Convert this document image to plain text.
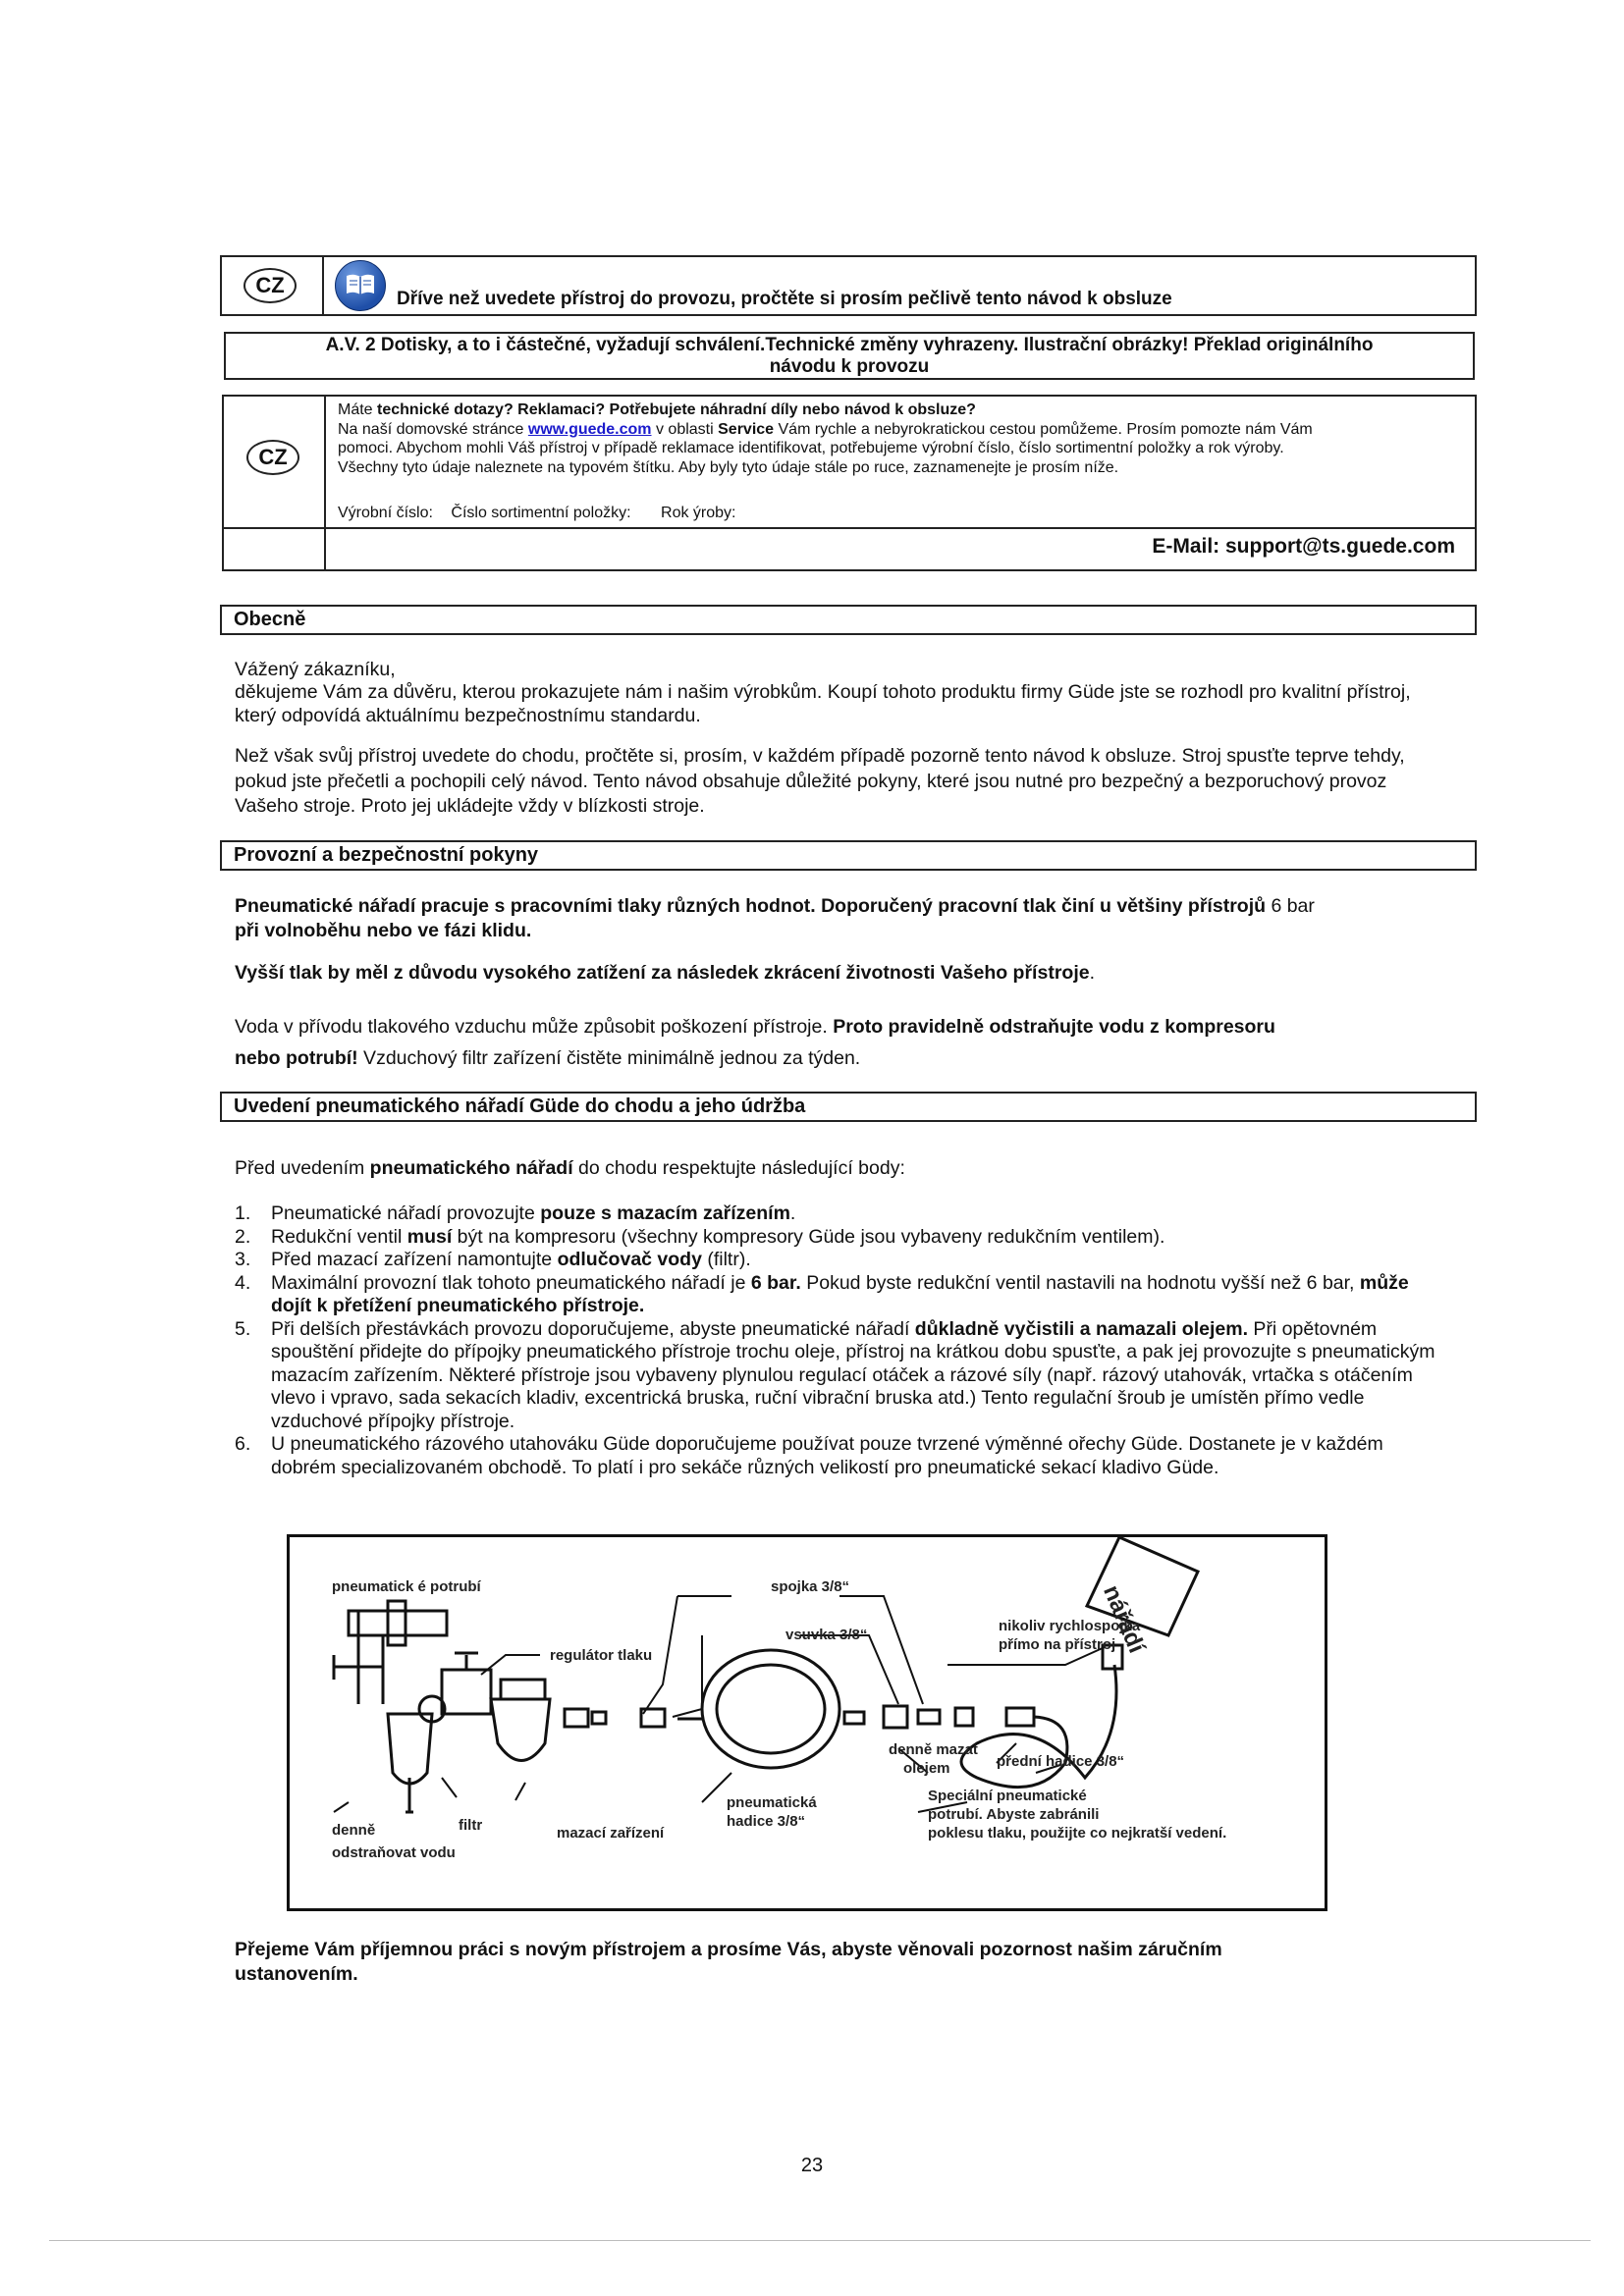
CZ
Dříve než uvedete přístroj do provozu, pročtěte si prosím pečlivě tento návod k obsluze
A.V. 2 Dotisky, a to i částečné, vyžadují schválení.Technické změny vyhrazeny. Ilustrační obrázky! Překlad originálního
návodu k provozu
CZ
Máte technické dotazy? Reklamaci? Potřebujete náhradní díly nebo návod k obsluze?
Na naší domovské stránce www.guede.com v oblasti Service Vám rychle a nebyrokratickou cestou pomůžeme. Prosím pomozte nám Vám
pomoci. Abychom mohli Váš přístroj v případě reklamace identifikovat, potřebujeme výrobní číslo, číslo sortimentní položky a rok výroby.
Všechny tyto údaje naleznete na typovém štítku. Aby byly tyto údaje stále po ruce, zaznamenejte je prosím níže.
Výrobní číslo: Číslo sortimentní položky: Rok ýroby:
E-Mail: support@ts.guede.com
Obecně
Vážený zákazníku,
děkujeme Vám za důvěru, kterou prokazujete nám i našim výrobkům. Koupí tohoto produktu firmy Güde jste se rozhodl pro kvalitní přístroj, který odpovídá aktuálnímu bezpečnostnímu standardu.
Než však svůj přístroj uvedete do chodu, pročtěte si, prosím, v každém případě pozorně tento návod k obsluze. Stroj spusťte teprve tehdy, pokud jste přečetli a pochopili celý návod. Tento návod obsahuje důležité pokyny, které jsou nutné pro bezpečný a bezporuchový provoz Vašeho stroje. Proto jej ukládejte vždy v blízkosti stroje.
Provozní a bezpečnostní pokyny
Pneumatické nářadí pracuje s pracovními tlaky různých hodnot. Doporučený pracovní tlak činí u většiny přístrojů 6 bar
při volnoběhu nebo ve fázi klidu.
Vyšší tlak by měl z důvodu vysokého zatížení za následek zkrácení životnosti Vašeho přístroje.
Voda v přívodu tlakového vzduchu může způsobit poškození přístroje. Proto pravidelně odstraňujte vodu z kompresoru
nebo potrubí! Vzduchový filtr zařízení čistěte minimálně jednou za týden.
Uvedení pneumatického nářadí Güde do chodu a jeho údržba
Před uvedením pneumatického nářadí do chodu respektujte následující body:
1. Pneumatické nářadí provozujte pouze s mazacím zařízením.
2. Redukční ventil musí být na kompresoru (všechny kompresory Güde jsou vybaveny redukčním ventilem).
3. Před mazací zařízení namontujte odlučovač vody (filtr).
4. Maximální provozní tlak tohoto pneumatického nářadí je 6 bar. Pokud byste redukční ventil nastavili na hodnotu vyšší než 6 bar, může dojít k přetížení pneumatického přístroje.
5. Při delších přestávkách provozu doporučujeme, abyste pneumatické nářadí důkladně vyčistili a namazali olejem. Při opětovném spouštění přidejte do přípojky pneumatického přístroje trochu oleje, přístroj na krátkou dobu spusťte, a pak jej provozujte s pneumatickým mazacím zařízením. Některé přístroje jsou vybaveny plynulou regulací otáček a rázové síly (např. rázový utahovák, vrtačka s otáčením vlevo i vpravo, sada sekacích kladiv, excentrická bruska, ruční vibrační bruska atd.) Tento regulační šroub je umístěn přímo vedle vzduchové přípojky přístroje.
6. U pneumatického rázového utahováku Güde doporučujeme používat pouze tvrzené výměnné ořechy Güde. Dostanete je v každém dobrém specializovaném obchodě. To platí i pro sekáče různých velikostí pro pneumatické sekací kladivo Güde.
pneumatick é potrubí
regulátor tlaku
spojka 3/8“
vsuvka 3/8“
nikoliv rychlospojka
přímo na přístroj
nářadí
denně mazat
olejem	přední hadice 3/8“
pneumatická
hadice 3/8“
Speciální pneumatické
potrubí. Abyste zabránili
poklesu tlaku, použijte co nejkratší vedení.
denně
odstraňovat vodu
filtr	mazací zařízení
Přejeme Vám příjemnou práci s novým přístrojem a prosíme Vás, abyste věnovali pozornost našim záručním
ustanovením.
23
